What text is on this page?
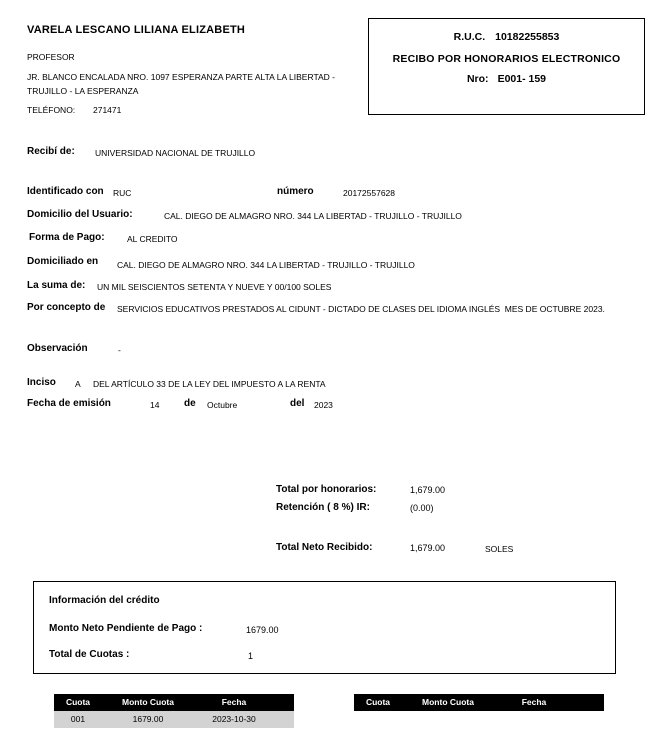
VARELA LESCANO LILIANA ELIZABETH
PROFESOR
JR. BLANCO ENCALADA NRO. 1097 ESPERANZA PARTE ALTA LA LIBERTAD - TRUJILLO - LA ESPERANZA
TELÉFONO: 271471
R.U.C. 10182255853
RECIBO POR HONORARIOS ELECTRONICO
Nro: E001- 159
Recibí de: UNIVERSIDAD NACIONAL DE TRUJILLO
Identificado con RUC	número	20172557628
Domicilio del Usuario:	CAL. DIEGO DE ALMAGRO NRO. 344 LA LIBERTAD - TRUJILLO - TRUJILLO
Forma de Pago:	AL CREDITO
Domiciliado en CAL. DIEGO DE ALMAGRO NRO. 344 LA LIBERTAD - TRUJILLO - TRUJILLO
La suma de: UN MIL SEISCIENTOS SETENTA Y NUEVE Y 00/100 SOLES
Por concepto de SERVICIOS EDUCATIVOS PRESTADOS AL CIDUNT - DICTADO DE CLASES DEL IDIOMA INGLÉS  MES DE OCTUBRE 2023.
Observación	-
Inciso A DEL ARTÍCULO 33 DE LA LEY DEL IMPUESTO A LA RENTA
Fecha de emisión	14 de Octubre	del 2023
Total por honorarios:	1,679.00
Retención ( 8 %) IR:	(0.00)
Total Neto Recibido:	1,679.00	SOLES
Información del crédito
Monto Neto Pendiente de Pago :	1679.00
Total de Cuotas :	1
Cuota	Monto Cuota	Fecha
001	1679.00	2023-10-30
Cuota	Monto Cuota	Fecha
